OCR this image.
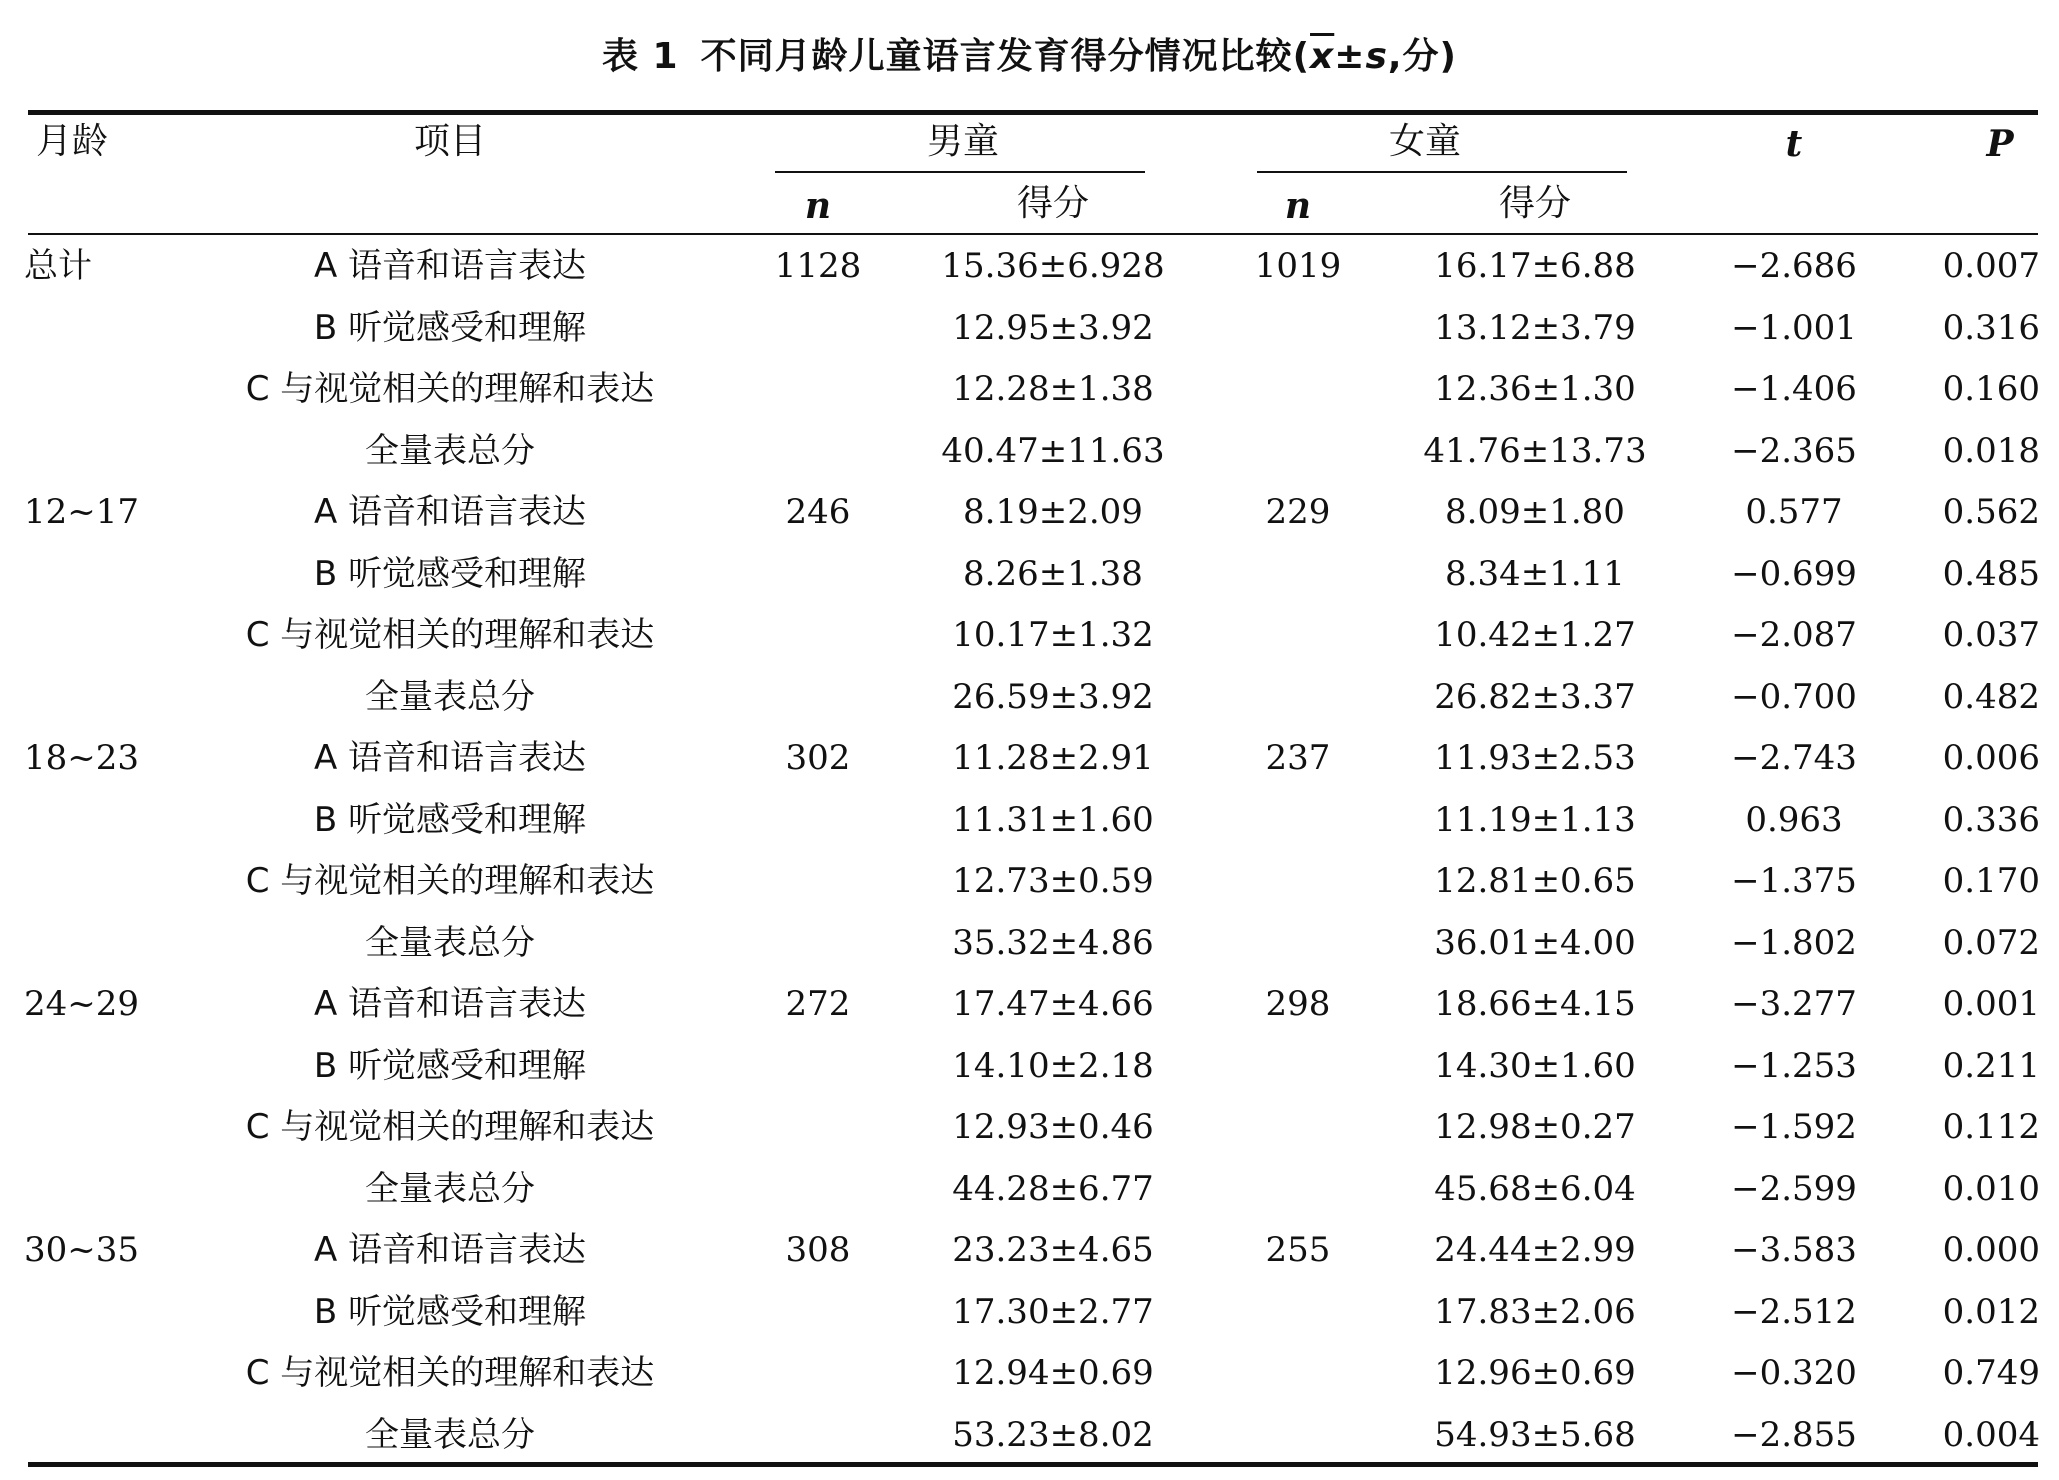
表 1 不同月龄儿童语言发育得分情况比较($\overline{x}\pm s$,分)
月龄	项目	男童	女童	t	P
n	得分	n	得分
总计	A 语音和语言表达	1128 15.36±6.928	1019	16.17±6.88	−2.686	0.007
B 听觉感受和理解	12.95±3.92	13.12±3.79	−1.001	0.316
C 与视觉相关的理解和表达	12.28±1.38	12.36±1.30	−1.406	0.160
全量表总分	40.47±11.63	41.76±13.73 −2.365	0.018
12~17	A 语音和语言表达	246	8.19±2.09	229	8.09±1.80	0.577	0.562
B 听觉感受和理解	8.26±1.38	8.34±1.11	−0.699	0.485
C 与视觉相关的理解和表达	10.17±1.32	10.42±1.27	−2.087	0.037
全量表总分	26.59±3.92	26.82±3.37	−0.700	0.482
18~23	A 语音和语言表达	302	11.28±2.91	237	11.93±2.53	−2.743	0.006
B 听觉感受和理解	11.31±1.60	11.19±1.13	0.963	0.336
C 与视觉相关的理解和表达	12.73±0.59	12.81±0.65	−1.375	0.170
全量表总分	35.32±4.86	36.01±4.00	−1.802	0.072
24~29	A 语音和语言表达	272	17.47±4.66	298	18.66±4.15	−3.277	0.001
B 听觉感受和理解	14.10±2.18	14.30±1.60	−1.253	0.211
C 与视觉相关的理解和表达	12.93±0.46	12.98±0.27	−1.592	0.112
全量表总分	44.28±6.77	45.68±6.04	−2.599	0.010
30~35	A 语音和语言表达	308	23.23±4.65	255	24.44±2.99	−3.583	0.000
B 听觉感受和理解	17.30±2.77	17.83±2.06	−2.512	0.012
C 与视觉相关的理解和表达	12.94±0.69	12.96±0.69	−0.320	0.749
全量表总分	53.23±8.02	54.93±5.68	−2.855	0.004
